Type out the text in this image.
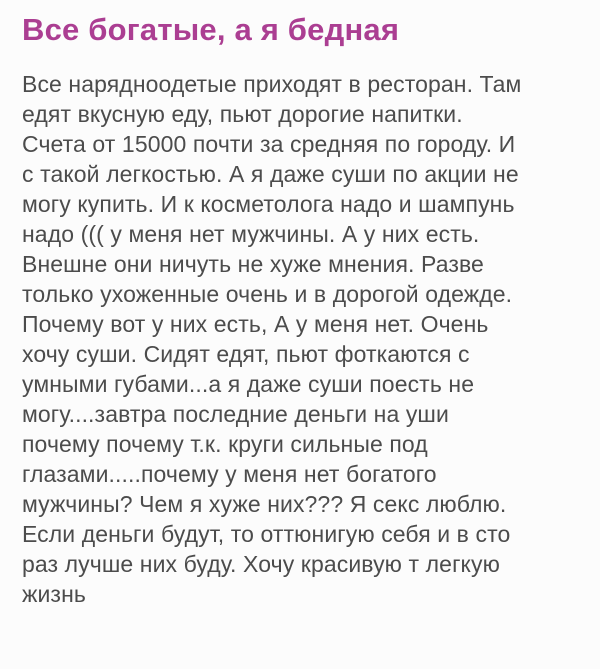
Все богатые, а я бедная
Все нарядноодетые приходят в ресторан. Там
едят вкусную еду, пьют дорогие напитки.
Счета от 15000 почти за средняя по городу. И
с такой легкостью. А я даже суши по акции не
могу купить. И к косметолога надо и шампунь
надо ((( у меня нет мужчины. А у них есть.
Внешне они ничуть не хуже мнения. Разве
только ухоженные очень и в дорогой одежде.
Почему вот у них есть, А у меня нет. Очень
хочу суши. Сидят едят, пьют фоткаются с
умными губами...а я даже суши поесть не
могу....завтра последние деньги на уши
почему почему т.к. круги сильные под
глазами.....почему у меня нет богатого
мужчины? Чем я хуже них??? Я секс люблю.
Если деньги будут, то оттюнигую себя и в сто
раз лучше них буду. Хочу красивую т легкую
жизнь
